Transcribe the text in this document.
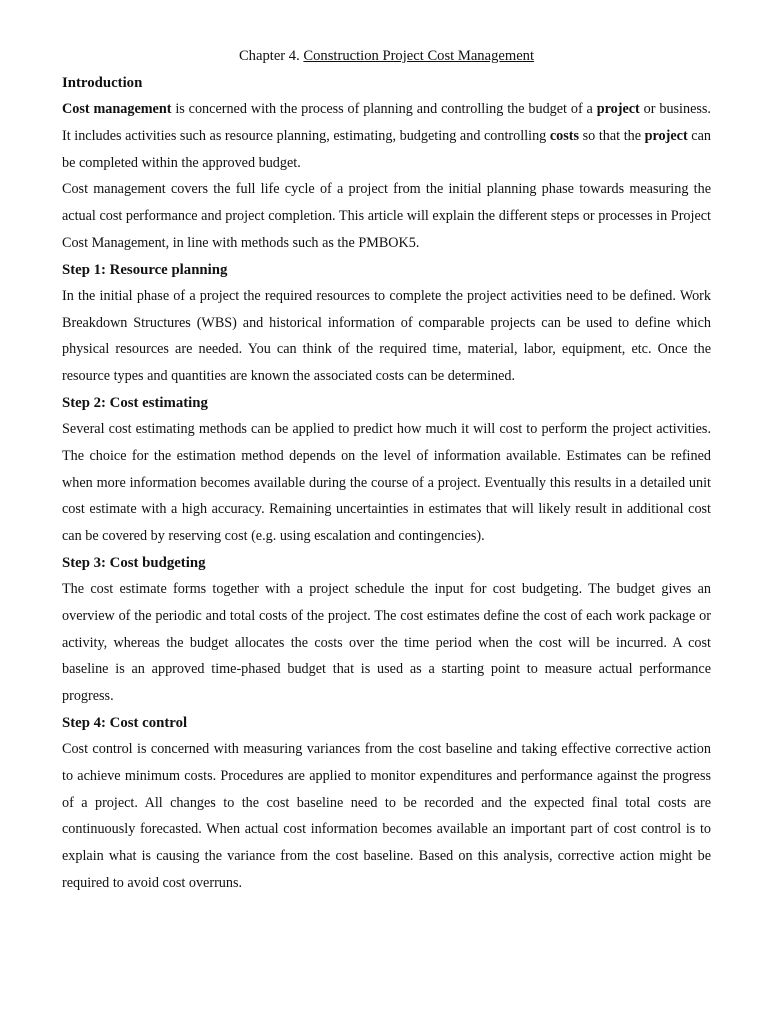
Chapter 4. Construction Project Cost Management
Introduction

Cost management is concerned with the process of planning and controlling the budget of a project or business. It includes activities such as resource planning, estimating, budgeting and controlling costs so that the project can be completed within the approved budget.

Cost management covers the full life cycle of a project from the initial planning phase towards measuring the actual cost performance and project completion. This article will explain the different steps or processes in Project Cost Management, in line with methods such as the PMBOK5.

Step 1: Resource planning

In the initial phase of a project the required resources to complete the project activities need to be defined. Work Breakdown Structures (WBS) and historical information of comparable projects can be used to define which physical resources are needed. You can think of the required time, material, labor, equipment, etc. Once the resource types and quantities are known the associated costs can be determined.

Step 2: Cost estimating

Several cost estimating methods can be applied to predict how much it will cost to perform the project activities. The choice for the estimation method depends on the level of information available. Estimates can be refined when more information becomes available during the course of a project. Eventually this results in a detailed unit cost estimate with a high accuracy. Remaining uncertainties in estimates that will likely result in additional cost can be covered by reserving cost (e.g. using escalation and contingencies).

Step 3: Cost budgeting

The cost estimate forms together with a project schedule the input for cost budgeting. The budget gives an overview of the periodic and total costs of the project. The cost estimates define the cost of each work package or activity, whereas the budget allocates the costs over the time period when the cost will be incurred. A cost baseline is an approved time-phased budget that is used as a starting point to measure actual performance progress.

Step 4: Cost control

Cost control is concerned with measuring variances from the cost baseline and taking effective corrective action to achieve minimum costs. Procedures are applied to monitor expenditures and performance against the progress of a project. All changes to the cost baseline need to be recorded and the expected final total costs are continuously forecasted. When actual cost information becomes available an important part of cost control is to explain what is causing the variance from the cost baseline. Based on this analysis, corrective action might be required to avoid cost overruns.
